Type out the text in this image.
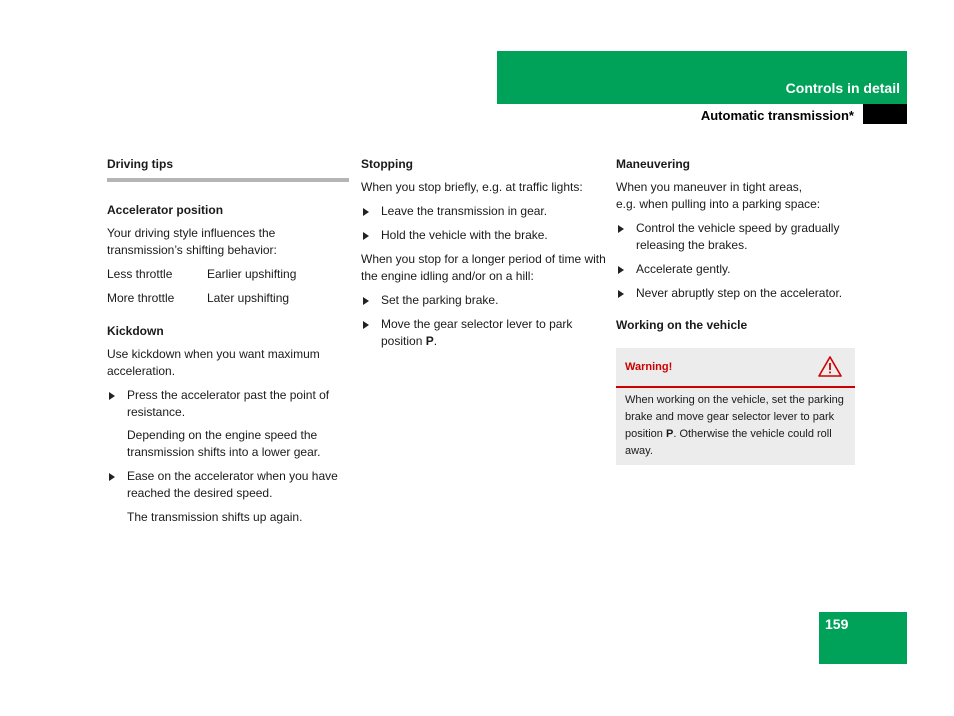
Controls in detail
Automatic transmission*

Driving tips

Accelerator position

Your driving style influences the transmission’s shifting behavior:

Less throttle	Earlier upshifting
More throttle	Later upshifting

Kickdown

Use kickdown when you want maximum acceleration.

Press the accelerator past the point of resistance.

Depending on the engine speed the transmission shifts into a lower gear.

Ease on the accelerator when you have reached the desired speed.

The transmission shifts up again.

Stopping

When you stop briefly, e.g. at traffic lights:

Leave the transmission in gear.
Hold the vehicle with the brake.

When you stop for a longer period of time with the engine idling and/or on a hill:

Set the parking brake.
Move the gear selector lever to park position P.

Maneuvering

When you maneuver in tight areas,

e.g. when pulling into a parking space:

Control the vehicle speed by gradually releasing the brakes.
Accelerate gently.
Never abruptly step on the accelerator.

Working on the vehicle

Warning!
When working on the vehicle, set the parking brake and move gear selector lever to park position P. Otherwise the vehicle could roll away.
159
